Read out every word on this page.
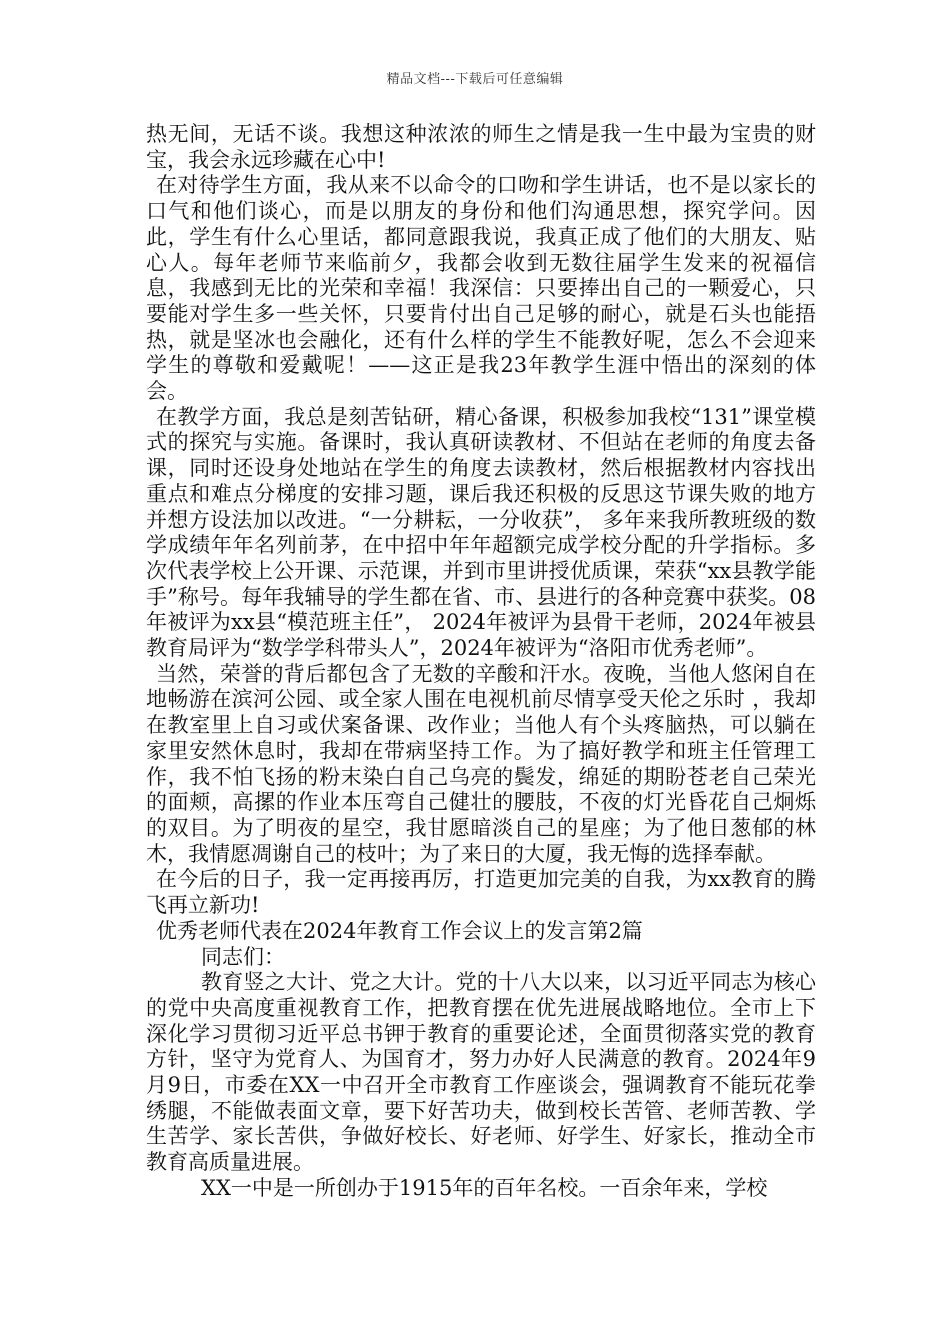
精品文档---下载后可任意编辑

热无间，无话不谈。我想这种浓浓的师生之情是我一生中最为宝贵的财宝，我会永远珍藏在心中!

在对待学生方面，我从来不以命令的口吻和学生讲话，也不是以家长的口气和他们谈心，而是以朋友的身份和他们沟通思想，探究学问。因此，学生有什么心里话，都同意跟我说，我真正成了他们的大朋友、贴心人。每年老师节来临前夕，我都会收到无数往届学生发来的祝福信息，我感到无比的光荣和幸福！我深信：只要捧出自己的一颗爱心，只要能对学生多一些关怀，只要肯付出自己足够的耐心，就是石头也能捂热，就是坚冰也会融化，还有什么样的学生不能教好呢，怎么不会迎来学生的尊敬和爱戴呢！——这正是我23年教学生涯中悟出的深刻的体会。

在教学方面，我总是刻苦钻研，精心备课，积极参加我校“131”课堂模式的探究与实施。备课时，我认真研读教材、不但站在老师的角度去备课，同时还设身处地站在学生的角度去读教材，然后根据教材内容找出重点和难点分梯度的安排习题，课后我还积极的反思这节课失败的地方并想方设法加以改进。“一分耕耘，一分收获”， 多年来我所教班级的数学成绩年年名列前茅，在中招中年年超额完成学校分配的升学指标。多次代表学校上公开课、示范课，并到市里讲授优质课，荣获“xx县教学能手”称号。每年我辅导的学生都在省、市、县进行的各种竞赛中获奖。08年被评为xx县“模范班主任”， 2024年被评为县骨干老师，2024年被县教育局评为“数学学科带头人”，2024年被评为“洛阳市优秀老师”。

当然，荣誉的背后都包含了无数的辛酸和汗水。夜晚，当他人悠闲自在地畅游在滨河公园、或全家人围在电视机前尽情享受天伦之乐时 ，我却在教室里上自习或伏案备课、改作业；当他人有个头疼脑热，可以躺在家里安然休息时，我却在带病坚持工作。为了搞好教学和班主任管理工作，我不怕飞扬的粉末染白自己乌亮的鬓发，绵延的期盼苍老自己荣光的面颊，高摞的作业本压弯自己健壮的腰肢，不夜的灯光昏花自己炯烁的双目。为了明夜的星空，我甘愿暗淡自己的星座；为了他日葱郁的林木，我情愿凋谢自己的枝叶；为了来日的大厦，我无悔的选择奉献。

在今后的日子，我一定再接再厉，打造更加完美的自我，为xx教育的腾飞再立新功!

优秀老师代表在2024年教育工作会议上的发言第2篇

同志们：

教育竖之大计、党之大计。党的十八大以来，以习近平同志为核心的党中央高度重视教育工作，把教育摆在优先进展战略地位。全市上下深化学习贯彻习近平总书钾于教育的重要论述，全面贯彻落实党的教育方针，坚守为党育人、为国育才，努力办好人民满意的教育。2024年9月9日，市委在XX一中召开全市教育工作座谈会，强调教育不能玩花拳绣腿，不能做表面文章，要下好苦功夫，做到校长苦管、老师苦教、学生苦学、家长苦供，争做好校长、好老师、好学生、好家长，推动全市教育高质量进展。

XX一中是一所创办于1915年的百年名校。一百余年来，学校
